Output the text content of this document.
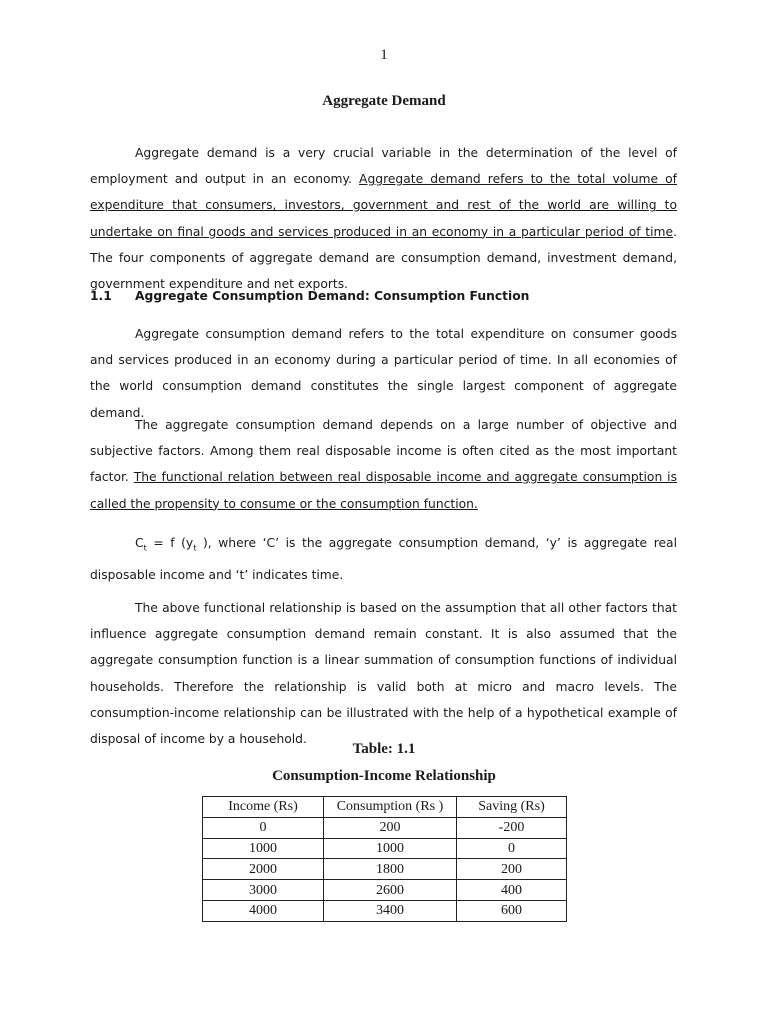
1
Aggregate Demand

Aggregate demand is a very crucial variable in the determination of the level of employment and output in an economy. Aggregate demand refers to the total volume of expenditure that consumers, investors, government and rest of the world are willing to undertake on final goods and services produced in an economy in a particular period of time. The four components of aggregate demand are consumption demand, investment demand, government expenditure and net exports.

1.1 Aggregate Consumption Demand: Consumption Function

Aggregate consumption demand refers to the total expenditure on consumer goods and services produced in an economy during a particular period of time. In all economies of the world consumption demand constitutes the single largest component of aggregate demand.

The aggregate consumption demand depends on a large number of objective and subjective factors. Among them real disposable income is often cited as the most important factor. The functional relation between real disposable income and aggregate consumption is called the propensity to consume or the consumption function.

$C_t = f$ ($y_t$ ), where ‘C’ is the aggregate consumption demand, ‘y’ is aggregate real disposable income and ‘t’ indicates time.

The above functional relationship is based on the assumption that all other factors that influence aggregate consumption demand remain constant. It is also assumed that the aggregate consumption function is a linear summation of consumption functions of individual households. Therefore the relationship is valid both at micro and macro levels. The consumption-income relationship can be illustrated with the help of a hypothetical example of disposal of income by a household.

Table: 1.1
Consumption-Income Relationship
Income (Rs)	Consumption (Rs )	Saving (Rs)
0	200	-200
1000	1000	0
2000	1800	200
3000	2600	400
4000	3400	600
